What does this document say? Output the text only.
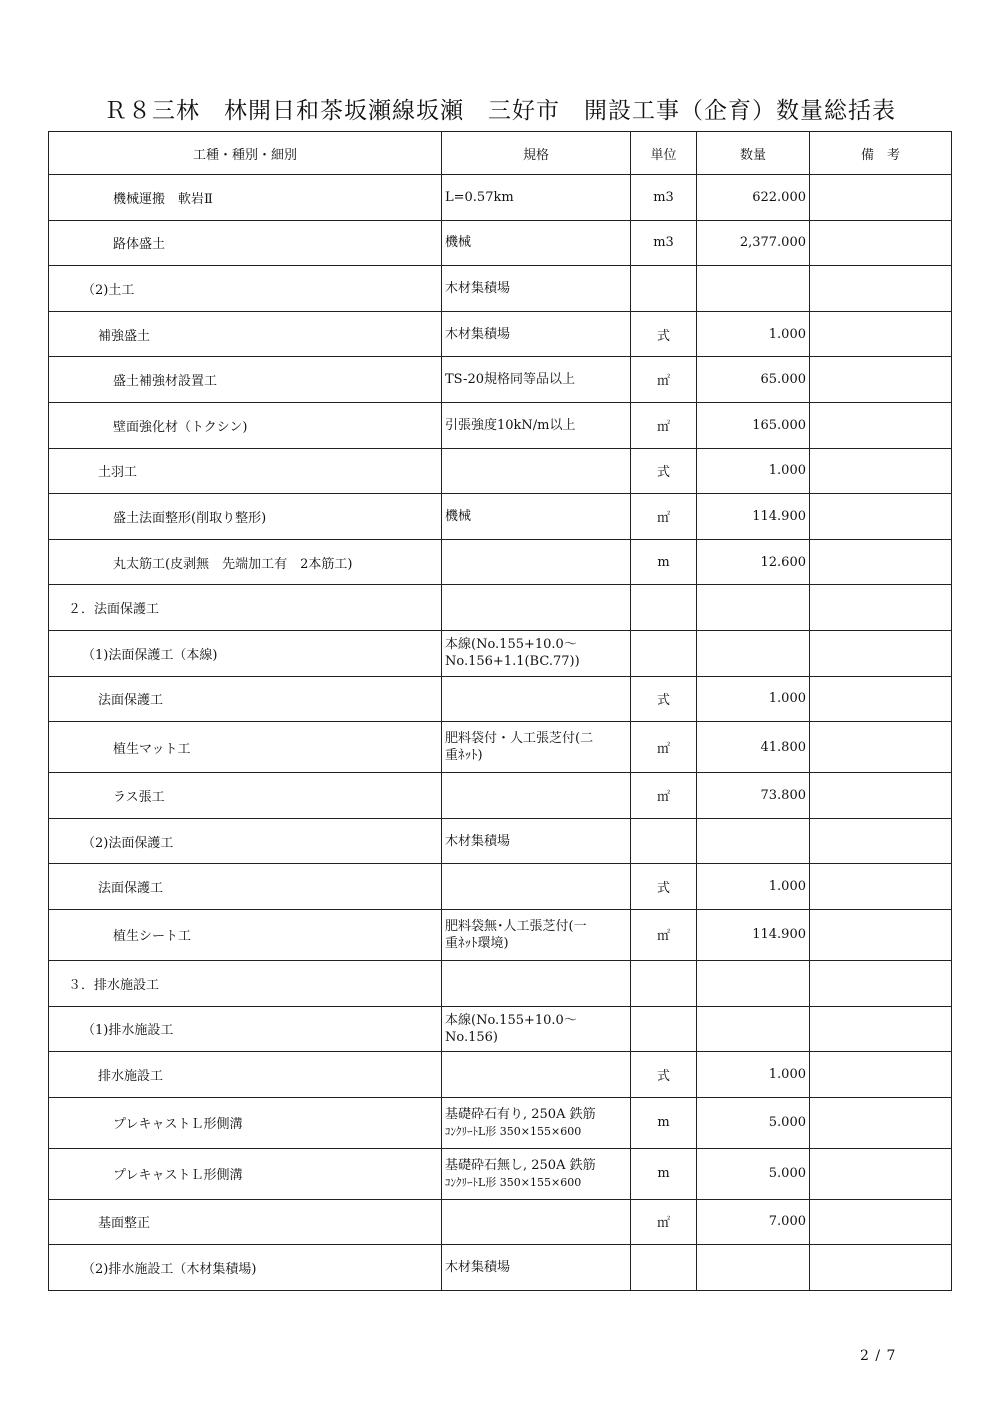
Ｒ８三林　林開日和茶坂瀬線坂瀬　三好市　開設工事（企育）数量総括表
工種・種別・細別	規格	単位	数量	備　考
機械運搬　軟岩Ⅱ	L=0.57km	m3	622.000	
路体盛土	機械	m3	2,377.000	
（2)土工	木材集積場			

補強盛土	木材集積場	式	1.000	
盛土補強材設置工	TS-20規格同等品以上	㎡	65.000	
壁面強化材（トクシン)	引張強度10kN/m以上	㎡	165.000	
土羽工		式	1.000	
盛土法面整形(削取り整形)	機械	㎡	114.900	
丸太筋工(皮剥無　先端加工有　2本筋工)		m	12.600	
２．法面保護工	

（1)法面保護工（本線)	本線(No.155+10.0～
No.156+1.1(BC.77))			

法面保護工		式	1.000	
植生マット工	肥料袋付・人工張芝付(二
重ﾈｯﾄ)	㎡	41.800	
ラス張工		㎡	73.800	
（2)法面保護工	木材集積場			

法面保護工		式	1.000	
植生シート工	肥料袋無･人工張芝付(一
重ﾈｯﾄ環境)	㎡	114.900	
３．排水施設工	

（1)排水施設工	本線(No.155+10.0～
No.156)			

排水施設工		式	1.000	
プレキャストＬ形側溝	基礎砕石有り, 250A 鉄筋
ｺﾝｸﾘｰﾄL形 350×155×600	m	5.000	
プレキャストＬ形側溝	基礎砕石無し, 250A 鉄筋
ｺﾝｸﾘｰﾄL形 350×155×600	m	5.000	
基面整正		㎡	7.000	
（2)排水施設工（木材集積場)	木材集積場			

2 / 7
